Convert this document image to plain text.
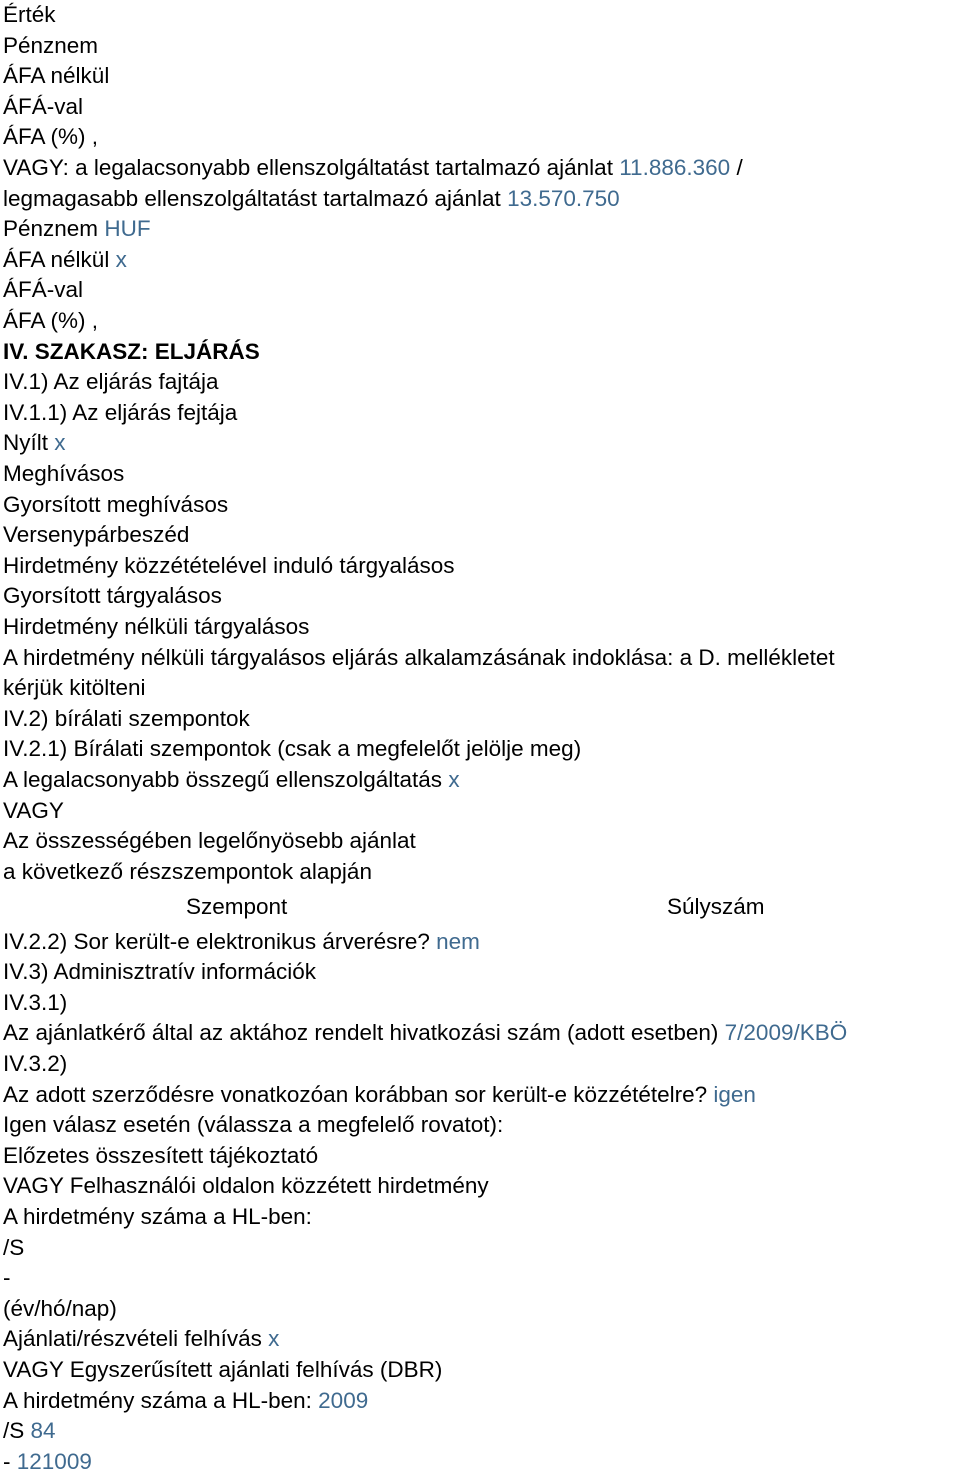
Érték
Pénznem
ÁFA nélkül
ÁFÁ-val
ÁFA (%) ,
VAGY: a legalacsonyabb ellenszolgáltatást tartalmazó ajánlat 11.886.360 /
legmagasabb ellenszolgáltatást tartalmazó ajánlat 13.570.750
Pénznem HUF
ÁFA nélkül x
ÁFÁ-val
ÁFA (%) ,
IV. SZAKASZ: ELJÁRÁS
IV.1) Az eljárás fajtája
IV.1.1) Az eljárás fejtája
Nyílt x
Meghívásos
Gyorsított meghívásos
Versenypárbeszéd
Hirdetmény közzétételével induló tárgyalásos
Gyorsított tárgyalásos
Hirdetmény nélküli tárgyalásos
A hirdetmény nélküli tárgyalásos eljárás alkalamzásának indoklása: a D. mellékletet
kérjük kitölteni
IV.2) bírálati szempontok
IV.2.1) Bírálati szempontok (csak a megfelelőt jelölje meg)
A legalacsonyabb összegű ellenszolgáltatás x
VAGY
Az összességében legelőnyösebb ajánlat
a következő részszempontok alapján
Szempont	Súlyszám
IV.2.2) Sor került-e elektronikus árverésre? nem
IV.3) Adminisztratív információk
IV.3.1)
Az ajánlatkérő által az aktához rendelt hivatkozási szám (adott esetben) 7/2009/KBÖ
IV.3.2)
Az adott szerződésre vonatkozóan korábban sor került-e közzétételre? igen
Igen válasz esetén (válassza a megfelelő rovatot):
Előzetes összesített tájékoztató
VAGY Felhasználói oldalon közzétett hirdetmény
A hirdetmény száma a HL-ben:
/S
-
(év/hó/nap)
Ajánlati/részvételi felhívás x
VAGY Egyszerűsített ajánlati felhívás (DBR)
A hirdetmény száma a HL-ben: 2009
/S 84
- 121009
